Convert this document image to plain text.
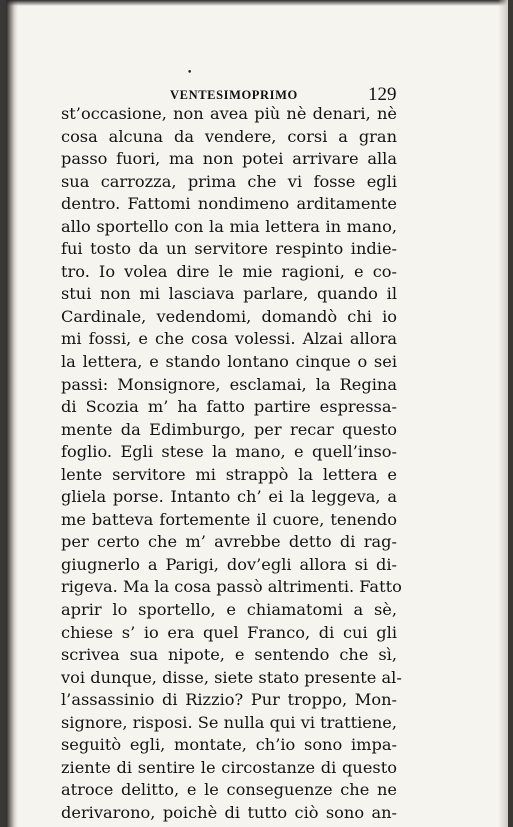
•
VENTESIMOPRIMO	129
st’occasione, non avea più nè denari, nè
cosa alcuna da vendere, corsi a gran
passo fuori, ma non potei arrivare alla
sua carrozza, prima che vi fosse egli
dentro. Fattomi nondimeno arditamente
allo sportello con la mia lettera in mano,
fui tosto da un servitore respinto indie-
tro. Io volea dire le mie ragioni, e co-
stui non mi lasciava parlare, quando il
Cardinale, vedendomi, domandò chi io
mi fossi, e che cosa volessi. Alzai allora
la lettera, e stando lontano cinque o sei
passi: Monsignore, esclamai, la Regina
di Scozia m’ ha fatto partire espressa-
mente da Edimburgo, per recar questo
foglio. Egli stese la mano, e quell’inso-
lente servitore mi strappò la lettera e
gliela porse. Intanto ch’ ei la leggeva, a
me batteva fortemente il cuore, tenendo
per certo che m’ avrebbe detto di rag-
giugnerlo a Parigi, dov’egli allora si di-
rigeva. Ma la cosa passò altrimenti. Fatto
aprir lo sportello, e chiamatomi a sè,
chiese s’ io era quel Franco, di cui gli
scrivea sua nipote, e sentendo che sì,
voi dunque, disse, siete stato presente al-
l’assassinio di Rizzio? Pur troppo, Mon-
signore, risposi. Se nulla qui vi trattiene,
seguitò egli, montate, ch’io sono impa-
ziente di sentire le circostanze di questo
atroce delitto, e le conseguenze che ne
derivarono, poichè di tutto ciò sono an-
